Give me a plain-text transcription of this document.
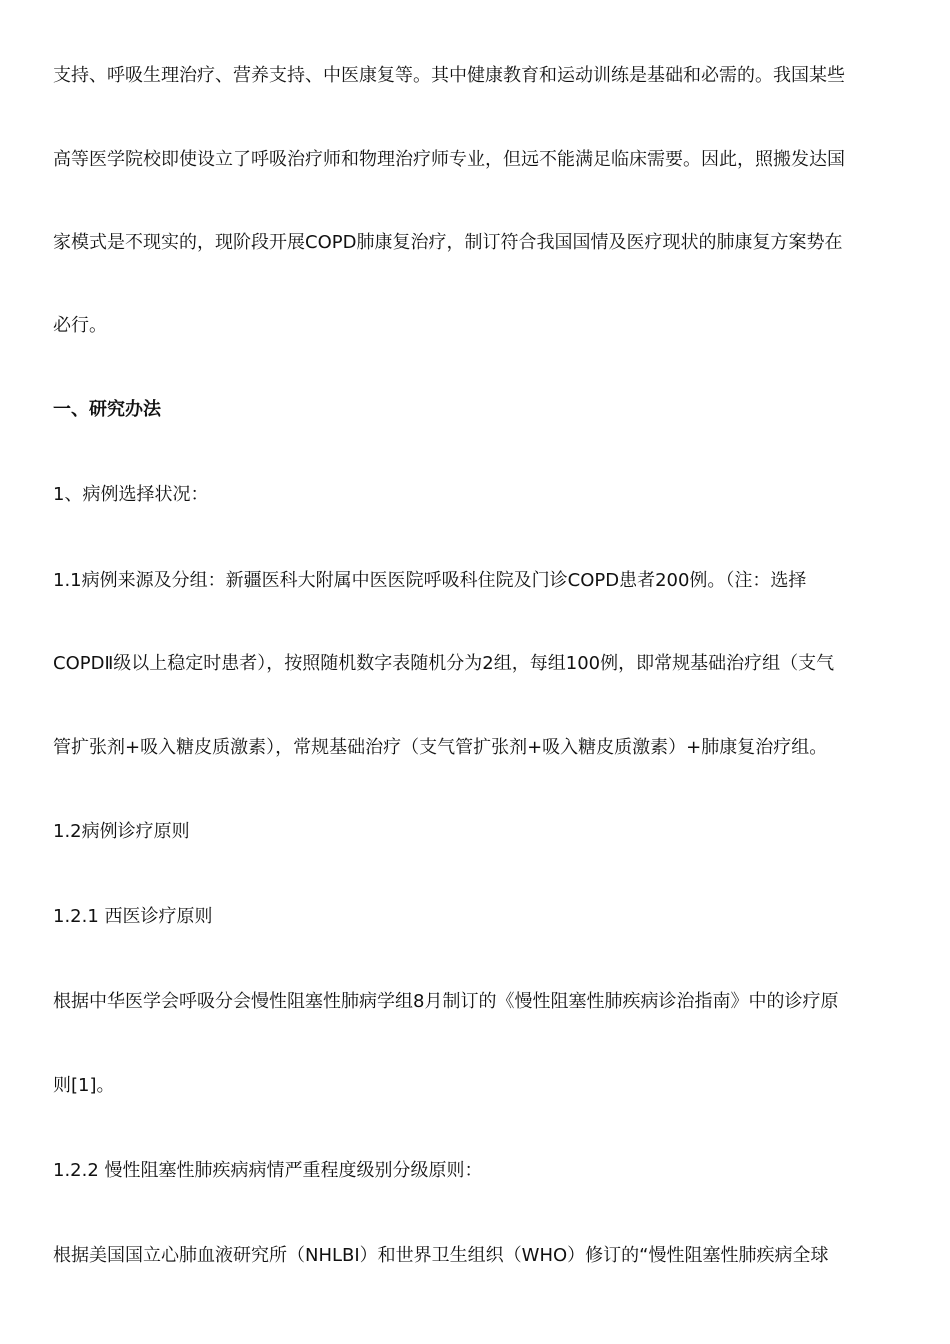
支持、呼吸生理治疗、营养支持、中医康复等。其中健康教育和运动训练是基础和必需的。我国某些
高等医学院校即使设立了呼吸治疗师和物理治疗师专业，但远不能满足临床需要。因此，照搬发达国
家模式是不现实的，现阶段开展COPD肺康复治疗，制订符合我国国情及医疗现状的肺康复方案势在
必行。
一、研究办法
1、病例选择状况：
1.1病例来源及分组：新疆医科大附属中医医院呼吸科住院及门诊COPD患者200例。（注：选择
COPDⅡ级以上稳定时患者），按照随机数字表随机分为2组，每组100例，即常规基础治疗组（支气
管扩张剂+吸入糖皮质激素），常规基础治疗（支气管扩张剂+吸入糖皮质激素）+肺康复治疗组。
1.2病例诊疗原则
1.2.1 西医诊疗原则
根据中华医学会呼吸分会慢性阻塞性肺病学组8月制订的《慢性阻塞性肺疾病诊治指南》中的诊疗原
则[1]。
1.2.2 慢性阻塞性肺疾病病情严重程度级别分级原则：
根据美国国立心肺血液研究所（NHLBI）和世界卫生组织（WHO）修订的“慢性阻塞性肺疾病全球
